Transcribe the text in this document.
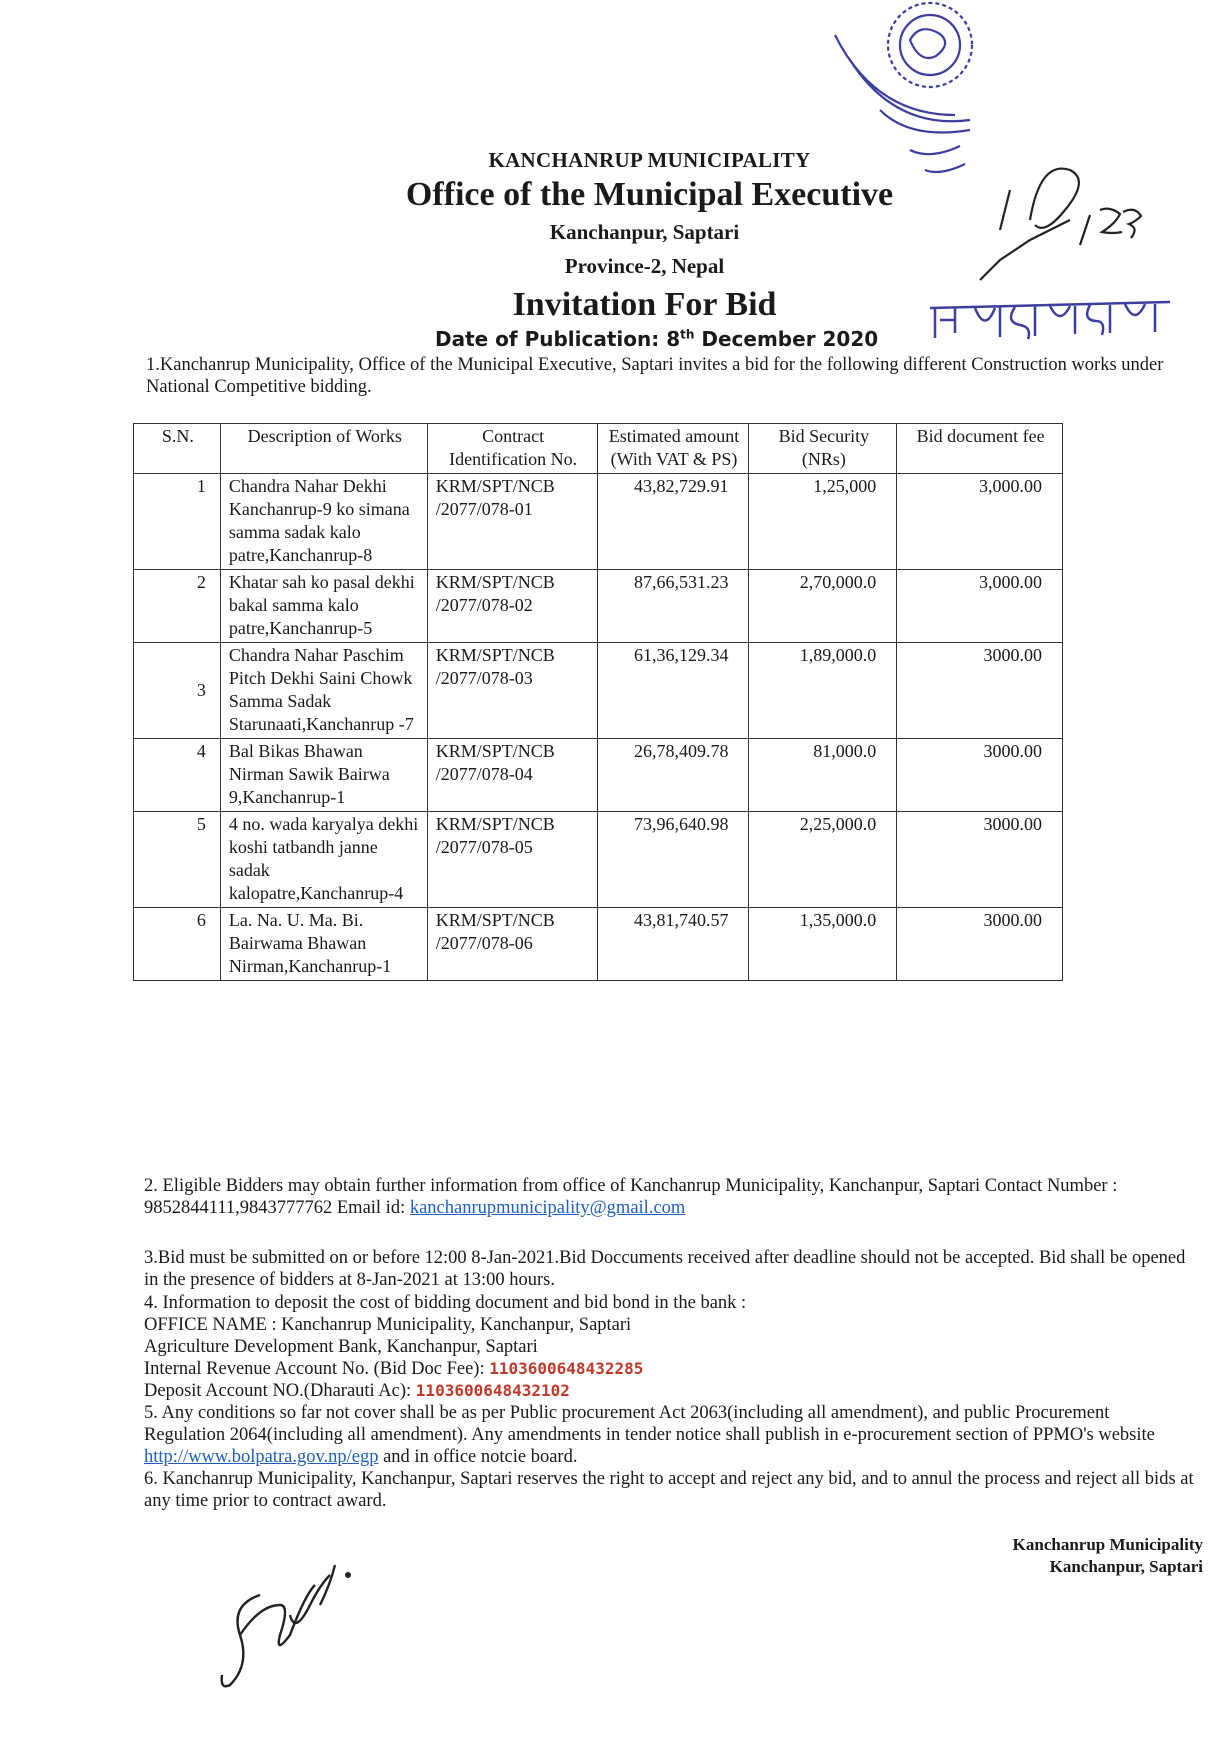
KANCHANRUP MUNICIPALITY
Office of the Municipal Executive
Kanchanpur, Saptari
Province-2, Nepal
Invitation For Bid
Date of Publication: 8th December 2020
1.Kanchanrup Municipality, Office of the Municipal Executive, Saptari invites a bid for the following different Construction works under National Competitive bidding.
S.N.	Description of Works	Contract Identification No.	Estimated amount (With VAT & PS)	Bid Security (NRs)	Bid document fee
1	Chandra Nahar Dekhi Kanchanrup-9 ko simana samma sadak kalo patre,Kanchanrup-8	KRM/SPT/NCB /2077/078-01	43,82,729.91	1,25,000	3,000.00
2	Khatar sah ko pasal dekhi bakal samma kalo patre,Kanchanrup-5	KRM/SPT/NCB /2077/078-02	87,66,531.23	2,70,000.0	3,000.00
3	Chandra Nahar Paschim Pitch Dekhi Saini Chowk Samma Sadak Starunaati,Kanchanrup -7	KRM/SPT/NCB /2077/078-03	61,36,129.34	1,89,000.0	3000.00
4	Bal Bikas Bhawan Nirman Sawik Bairwa 9,Kanchanrup-1	KRM/SPT/NCB /2077/078-04	26,78,409.78	81,000.0	3000.00
5	4 no. wada karyalya dekhi koshi tatbandh janne sadak kalopatre,Kanchanrup-4	KRM/SPT/NCB /2077/078-05	73,96,640.98	2,25,000.0	3000.00
6	La. Na. U. Ma. Bi. Bairwama Bhawan Nirman,Kanchanrup-1	KRM/SPT/NCB /2077/078-06	43,81,740.57	1,35,000.0	3000.00
2. Eligible Bidders may obtain further information from office of Kanchanrup Municipality, Kanchanpur, Saptari Contact Number : 9852844111,9843777762 Email id: kanchanrupmunicipality@gmail.com
3.Bid must be submitted on or before 12:00 8-Jan-2021.Bid Doccuments received after deadline should not be accepted. Bid shall be opened in the presence of bidders at 8-Jan-2021 at 13:00 hours.
4. Information to deposit the cost of bidding document and bid bond in the bank :
OFFICE NAME : Kanchanrup Municipality, Kanchanpur, Saptari
Agriculture Development Bank, Kanchanpur, Saptari
Internal Revenue Account No. (Bid Doc Fee): 1103600648432285
Deposit Account NO.(Dharauti Ac): 1103600648432102
5. Any conditions so far not cover shall be as per Public procurement Act 2063(including all amendment), and public Procurement Regulation 2064(including all amendment). Any amendments in tender notice shall publish in e-procurement section of PPMO's website http://www.bolpatra.gov.np/egp and in office notcie board.
6. Kanchanrup Municipality, Kanchanpur, Saptari reserves the right to accept and reject any bid, and to annul the process and reject all bids at any time prior to contract award.
Kanchanrup Municipality
Kanchanpur, Saptari
